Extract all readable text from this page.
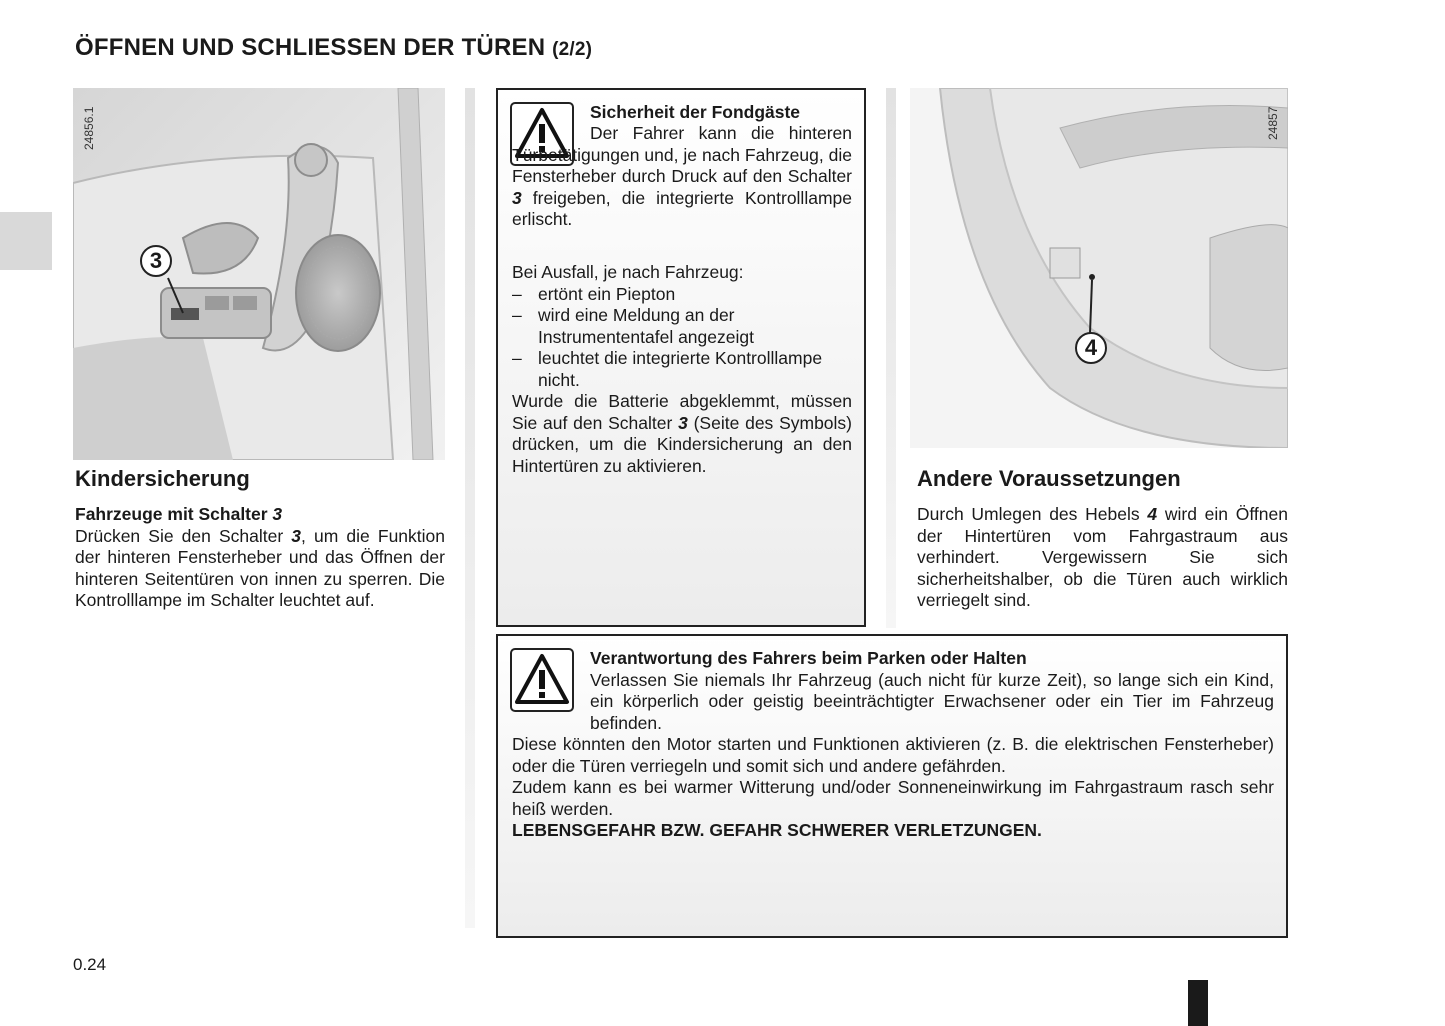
ÖFFNEN UND SCHLIESSEN DER TÜREN (2/2)
24856.1
3
24857
4
Kindersicherung

Fahrzeuge mit Schalter 3

Drücken Sie den Schalter 3, um die Funktion der hinteren Fensterheber und das Öffnen der hinteren Seitentüren von innen zu sperren. Die Kontrolllampe im Schalter leuchtet auf.

Sicherheit der Fondgäste

Der Fahrer kann die hinteren Türbetätigungen und, je nach Fahrzeug, die Fensterheber durch Druck auf den Schalter 3 freigeben, die integrierte Kontrolllampe erlischt.

Bei Ausfall, je nach Fahrzeug:

– ertönt ein Piepton
– wird eine Meldung an der Instrumententafel angezeigt
– leuchtet die integrierte Kontrolllampe nicht.

Wurde die Batterie abgeklemmt, müssen Sie auf den Schalter 3 (Seite des Symbols) drücken, um die Kindersicherung an den Hintertüren zu aktivieren.

Andere Voraussetzungen

Durch Umlegen des Hebels 4 wird ein Öffnen der Hintertüren vom Fahrgastraum aus verhindert. Vergewissern Sie sich sicherheitshalber, ob die Türen auch wirklich verriegelt sind.

Verantwortung des Fahrers beim Parken oder Halten

Verlassen Sie niemals Ihr Fahrzeug (auch nicht für kurze Zeit), so lange sich ein Kind, ein körperlich oder geistig beeinträchtigter Erwachsener oder ein Tier im Fahrzeug befinden.

Diese könnten den Motor starten und Funktionen aktivieren (z. B. die elektrischen Fensterheber) oder die Türen verriegeln und somit sich und andere gefährden.

Zudem kann es bei warmer Witterung und/oder Sonneneinwirkung im Fahrgastraum rasch sehr heiß werden.

LEBENSGEFAHR BZW. GEFAHR SCHWERER VERLETZUNGEN.

0.24
